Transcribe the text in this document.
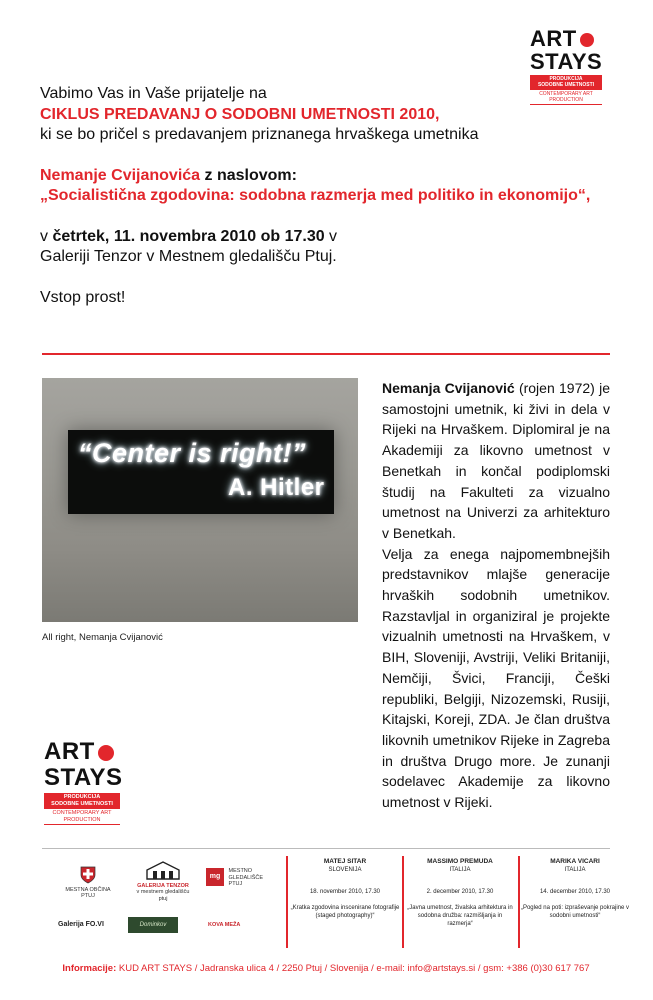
ART
STAYS
PRODUKCIJA
SODOBNE UMETNOSTI
CONTEMPORARY ART
PRODUCTION

Vabimo Vas in Vaše prijatelje na

CIKLUS PREDAVANJ O SODOBNI UMETNOSTI 2010,

ki se bo pričel s predavanjem priznanega hrvaškega umetnika

Nemanje Cvijanovića z naslovom:

„Socialistična zgodovina: sodobna razmerja med politiko in ekonomijo“,

v četrtek, 11. novembra 2010 ob 17.30 v

Galeriji Tenzor v Mestnem gledališču Ptuj.

Vstop prost!

“Center is right!”
A. Hitler
All right, Nemanja Cvijanović

Nemanja Cvijanović (rojen 1972) je samostojni umetnik, ki živi in dela v Rijeki na Hrvaškem. Diplomiral je na Akademiji za likovno umetnost v Benetkah in končal podiplomski študij na Fakulteti za vizualno umetnost na Univerzi za arhitekturo v Benetkah.

Velja za enega najpomembnejših predstavnikov mlajše generacije hrvaških sodobnih umetnikov. Razstavljal in organiziral je projekte vizualnih umetnosti na Hrvaškem, v BIH, Sloveniji, Avstriji, Veliki Britaniji, Nemčiji, Švici, Franciji, Češki republiki, Belgiji, Nizozemski, Rusiji, Kitajski, Koreji, ZDA. Je član društva likovnih umetnikov Rijeke in Zagreba in društva Drugo more. Je zunanji sodelavec Akademije za likovno umetnost v Rijeki.

ART
STAYS
PRODUKCIJA
SODOBNE UMETNOSTI
CONTEMPORARY ART
PRODUCTION
MESTNA OBČINA PTUJ
GALERIJA TENZOR
v mestnem gledališču ptuj
mg
MESTNO
GLEDALIŠČE
PTUJ
Galerija FO.VI	Dominkov	KOVA MEŽA
MATEJ SITAR
SLOVENIJA
18. november 2010, 17.30
„Kratka zgodovina inscenirane fotografije (staged photography)“
MASSIMO PREMUDA
ITALIJA
2. december 2010, 17.30
„Javna umetnost, živalska arhitektura in sodobna družba: razmišljanja in razmerja“
MARIKA VICARI
ITALIJA
14. december 2010, 17.30
„Pogled na poti: izpraševanje pokrajine v sodobni umetnosti“
Informacije: KUD ART STAYS / Jadranska ulica 4 / 2250 Ptuj / Slovenija / e-mail: info@artstays.si / gsm: +386 (0)30 617 767
